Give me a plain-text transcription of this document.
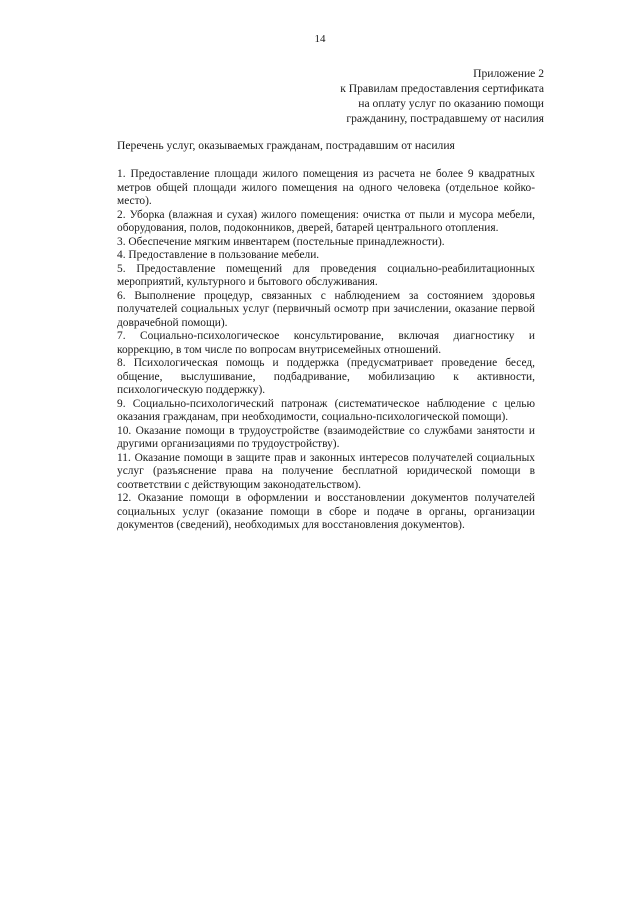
14
Приложение 2
к Правилам предоставления сертификата
на оплату услуг по оказанию помощи
гражданину, пострадавшему от насилия
Перечень услуг, оказываемых гражданам, пострадавшим от насилия

1. Предоставление площади жилого помещения из расчета не более 9 квадратных метров общей площади жилого помещения на одного человека (отдельное койко-место).

2. Уборка (влажная и сухая) жилого помещения: очистка от пыли и мусора мебели, оборудования, полов, подоконников, дверей, батарей центрального отопления.

3. Обеспечение мягким инвентарем (постельные принадлежности).

4. Предоставление в пользование мебели.

5. Предоставление помещений для проведения социально-реабилитационных мероприятий, культурного и бытового обслуживания.

6. Выполнение процедур, связанных с наблюдением за состоянием здоровья получателей социальных услуг (первичный осмотр при зачислении, оказание первой доврачебной помощи).

7. Социально-психологическое консультирование, включая диагностику и коррекцию, в том числе по вопросам внутрисемейных отношений.

8. Психологическая помощь и поддержка (предусматривает проведение бесед, общение, выслушивание, подбадривание, мобилизацию к активности, психологическую поддержку).

9. Социально-психологический патронаж (систематическое наблюдение с целью оказания гражданам, при необходимости, социально-психологической помощи).

10. Оказание помощи в трудоустройстве (взаимодействие со службами занятости и другими организациями по трудоустройству).

11. Оказание помощи в защите прав и законных интересов получателей социальных услуг (разъяснение права на получение бесплатной юридической помощи в соответствии с действующим законодательством).

12. Оказание помощи в оформлении и восстановлении документов получателей социальных услуг (оказание помощи в сборе и подаче в органы, организации документов (сведений), необходимых для восстановления документов).
